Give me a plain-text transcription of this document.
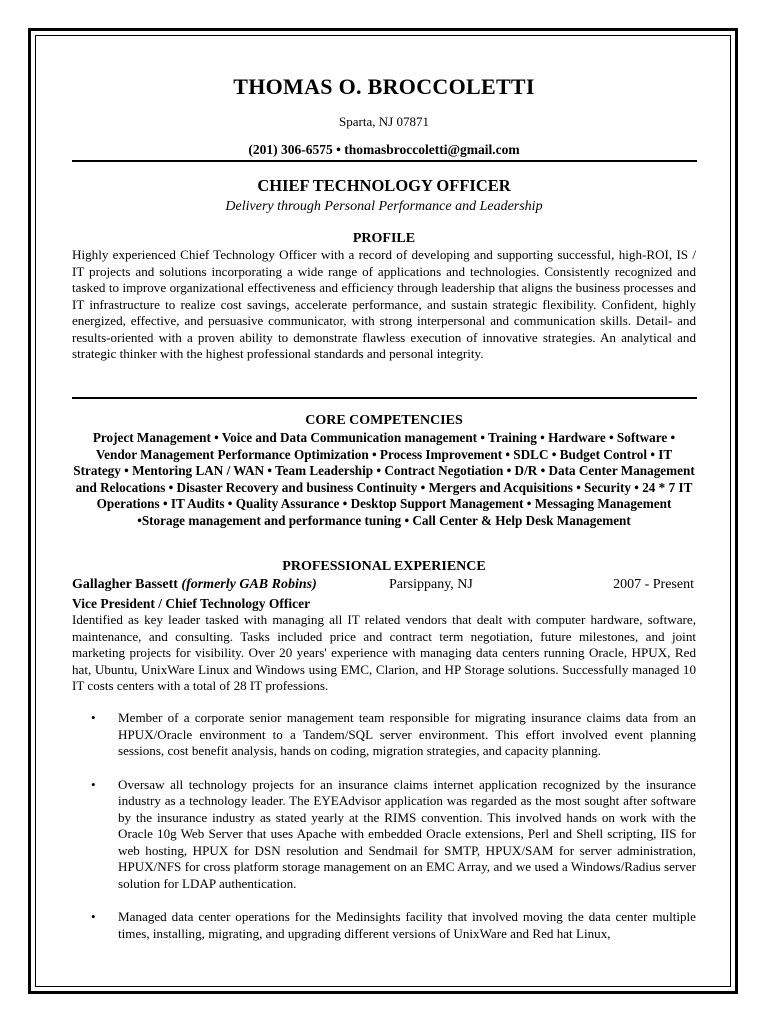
THOMAS O. BROCCOLETTI
Sparta, NJ 07871
(201) 306-6575 • thomasbroccoletti@gmail.com
CHIEF TECHNOLOGY OFFICER
Delivery through Personal Performance and Leadership
PROFILE
Highly experienced Chief Technology Officer with a record of developing and supporting successful, high-ROI, IS / IT projects and solutions incorporating a wide range of applications and technologies. Consistently recognized and tasked to improve organizational effectiveness and efficiency through leadership that aligns the business processes and IT infrastructure to realize cost savings, accelerate performance, and sustain strategic flexibility. Confident, highly energized, effective, and persuasive communicator, with strong interpersonal and communication skills. Detail- and results-oriented with a proven ability to demonstrate flawless execution of innovative strategies. An analytical and strategic thinker with the highest professional standards and personal integrity.
CORE COMPETENCIES
Project Management • Voice and Data Communication management • Training • Hardware • Software • Vendor Management Performance Optimization • Process Improvement • SDLC • Budget Control • IT Strategy • Mentoring LAN / WAN • Team Leadership • Contract Negotiation • D/R • Data Center Management and Relocations • Disaster Recovery and business Continuity • Mergers and Acquisitions • Security • 24 * 7 IT Operations • IT Audits • Quality Assurance • Desktop Support Management • Messaging Management •Storage management and performance tuning • Call Center & Help Desk Management
PROFESSIONAL EXPERIENCE
Gallagher Bassett (formerly GAB Robins)	Parsippany, NJ	2007 - Present
Vice President / Chief Technology Officer
Identified as key leader tasked with managing all IT related vendors that dealt with computer hardware, software, maintenance, and consulting. Tasks included price and contract term negotiation, future milestones, and joint marketing projects for visibility. Over 20 years' experience with managing data centers running Oracle, HPUX, Red hat, Ubuntu, UnixWare Linux and Windows using EMC, Clarion, and HP Storage solutions. Successfully managed 10 IT costs centers with a total of 28 IT professions.
• Member of a corporate senior management team responsible for migrating insurance claims data from an HPUX/Oracle environment to a Tandem/SQL server environment. This effort involved event planning sessions, cost benefit analysis, hands on coding, migration strategies, and capacity planning.
• Oversaw all technology projects for an insurance claims internet application recognized by the insurance industry as a technology leader. The EYEAdvisor application was regarded as the most sought after software by the insurance industry as stated yearly at the RIMS convention. This involved hands on work with the Oracle 10g Web Server that uses Apache with embedded Oracle extensions, Perl and Shell scripting, IIS for web hosting, HPUX for DSN resolution and Sendmail for SMTP, HPUX/SAM for server administration, HPUX/NFS for cross platform storage management on an EMC Array, and we used a Windows/Radius server solution for LDAP authentication.
• Managed data center operations for the Medinsights facility that involved moving the data center multiple times, installing, migrating, and upgrading different versions of UnixWare and Red hat Linux,
